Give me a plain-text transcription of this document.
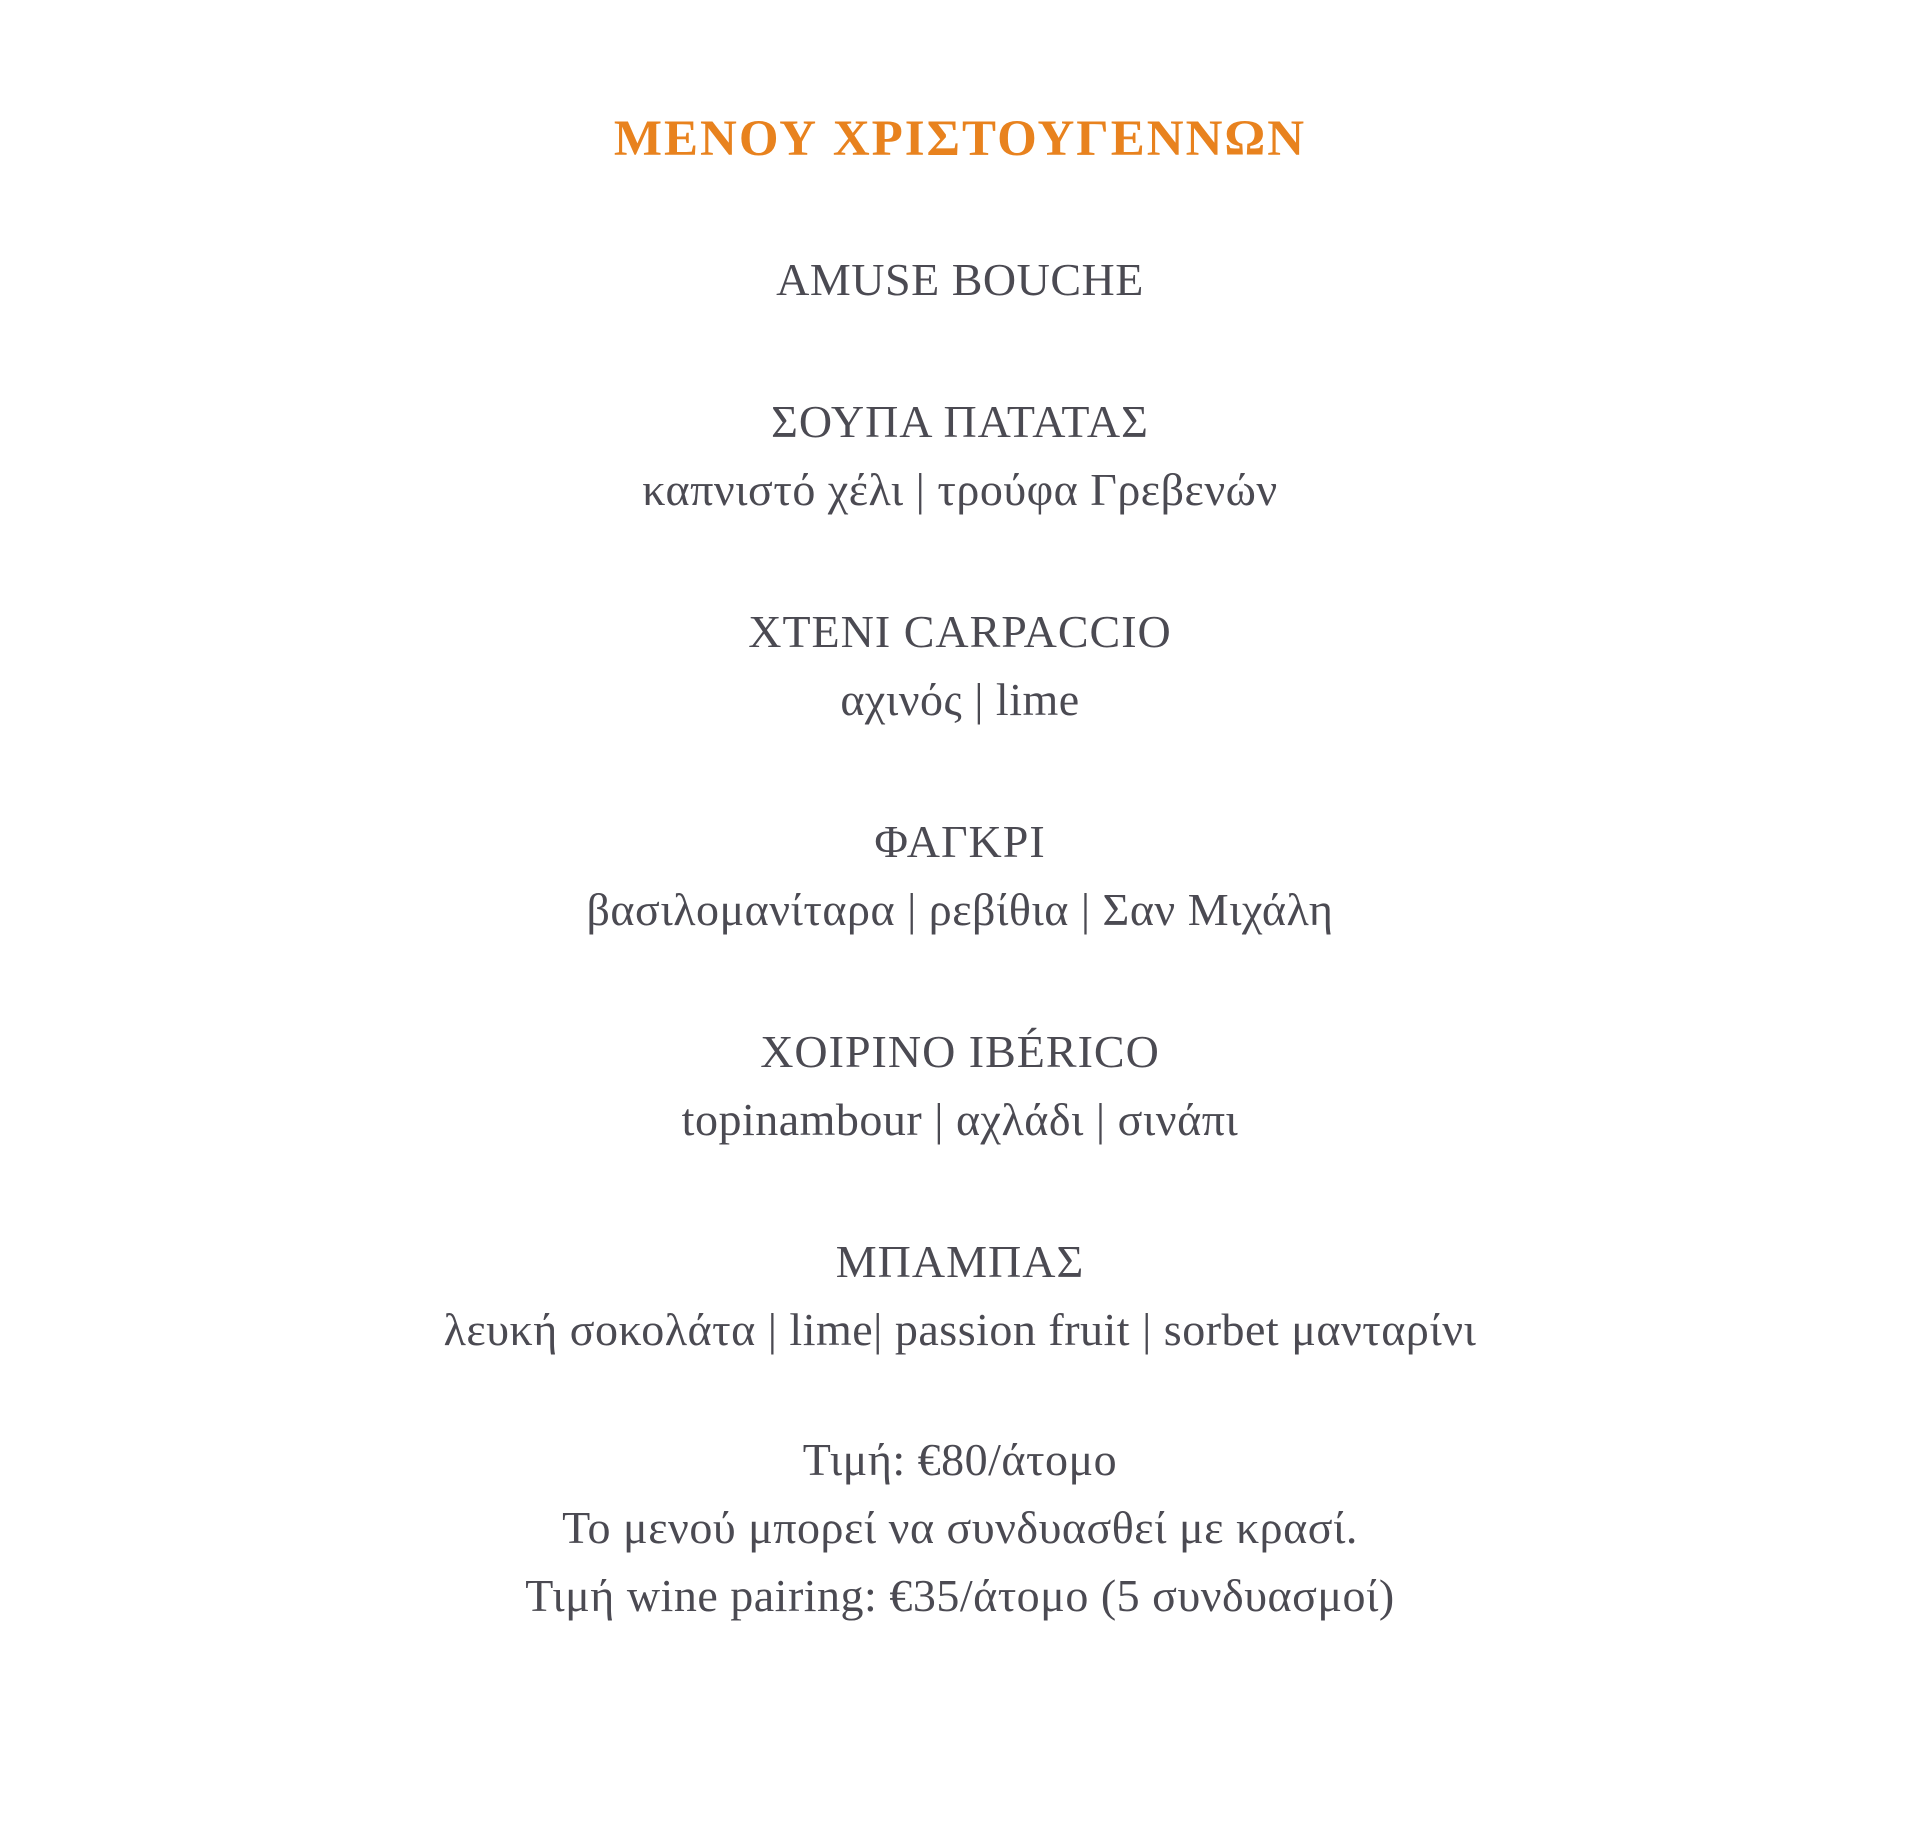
ΜΕΝΟΥ ΧΡΙΣΤΟΥΓΕΝΝΩΝ
AMUSE BOUCHE
ΣΟΥΠΑ ΠΑΤΑΤΑΣ
καπνιστό χέλι | τρούφα Γρεβενών
ΧΤΕΝΙ CARPACCIO
αχινός | lime
ΦΑΓΚΡΙ
βασιλομανίταρα | ρεβίθια | Σαν Μιχάλη
ΧΟΙΡΙΝΟ IBÉRICO
topinambour | αχλάδι | σινάπι
ΜΠΑΜΠΑΣ
λευκή σοκολάτα | lime| passion fruit | sorbet μανταρίνι
Τιμή: €80/άτομο
Το μενού μπορεί να συνδυασθεί με κρασί.
Τιμή wine pairing: €35/άτομο (5 συνδυασμοί)
